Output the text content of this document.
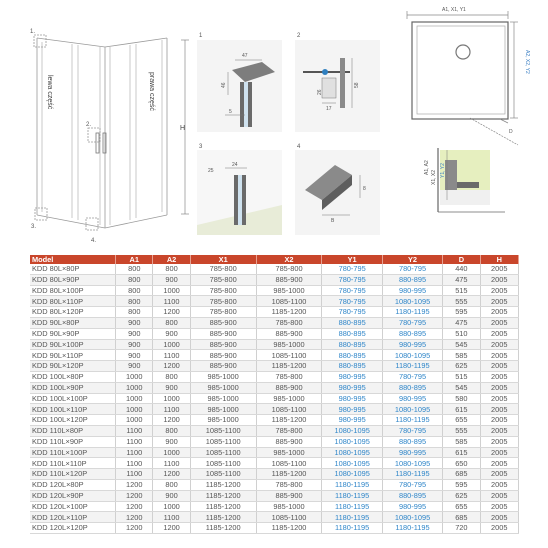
1.
2.
3.
4.
lewa część	prawa część
H
1
47
46
5
2
26
17
58
3
24
25
4
8
B
A1, X1, Y1
A2, X2, Y2
D
A1, A2
X1, X2 Y1, Y2
Model	A1	A2	X1	X2	Y1	Y2	D	H
KDD 80L×80P	800	800	785-800	785-800	780-795	780-795	440	2005
KDD 80L×90P	800	900	785-800	885-900	780-795	880-895	475	2005
KDD 80L×100P	800	1000	785-800	985-1000	780-795	980-995	515	2005
KDD 80L×110P	800	1100	785-800	1085-1100	780-795	1080-1095	555	2005
KDD 80L×120P	800	1200	785-800	1185-1200	780-795	1180-1195	595	2005
KDD 90L×80P	900	800	885-900	785-800	880-895	780-795	475	2005
KDD 90L×90P	900	900	885-900	885-900	880-895	880-895	510	2005
KDD 90L×100P	900	1000	885-900	985-1000	880-895	980-995	545	2005
KDD 90L×110P	900	1100	885-900	1085-1100	880-895	1080-1095	585	2005
KDD 90L×120P	900	1200	885-900	1185-1200	880-895	1180-1195	625	2005
KDD 100L×80P	1000	800	985-1000	785-800	980-995	780-795	515	2005
KDD 100L×90P	1000	900	985-1000	885-900	980-995	880-895	545	2005
KDD 100L×100P	1000	1000	985-1000	985-1000	980-995	980-995	580	2005
KDD 100L×110P	1000	1100	985-1000	1085-1100	980-995	1080-1095	615	2005
KDD 100L×120P	1000	1200	985-1000	1185-1200	980-995	1180-1195	655	2005
KDD 110L×80P	1100	800	1085-1100	785-800	1080-1095	780-795	555	2005
KDD 110L×90P	1100	900	1085-1100	885-900	1080-1095	880-895	585	2005
KDD 110L×100P	1100	1000	1085-1100	985-1000	1080-1095	980-995	615	2005
KDD 110L×110P	1100	1100	1085-1100	1085-1100	1080-1095	1080-1095	650	2005
KDD 110L×120P	1100	1200	1085-1100	1185-1200	1080-1095	1180-1195	685	2005
KDD 120L×80P	1200	800	1185-1200	785-800	1180-1195	780-795	595	2005
KDD 120L×90P	1200	900	1185-1200	885-900	1180-1195	880-895	625	2005
KDD 120L×100P	1200	1000	1185-1200	985-1000	1180-1195	980-995	655	2005
KDD 120L×110P	1200	1100	1185-1200	1085-1100	1180-1195	1080-1095	685	2005
KDD 120L×120P	1200	1200	1185-1200	1185-1200	1180-1195	1180-1195	720	2005
